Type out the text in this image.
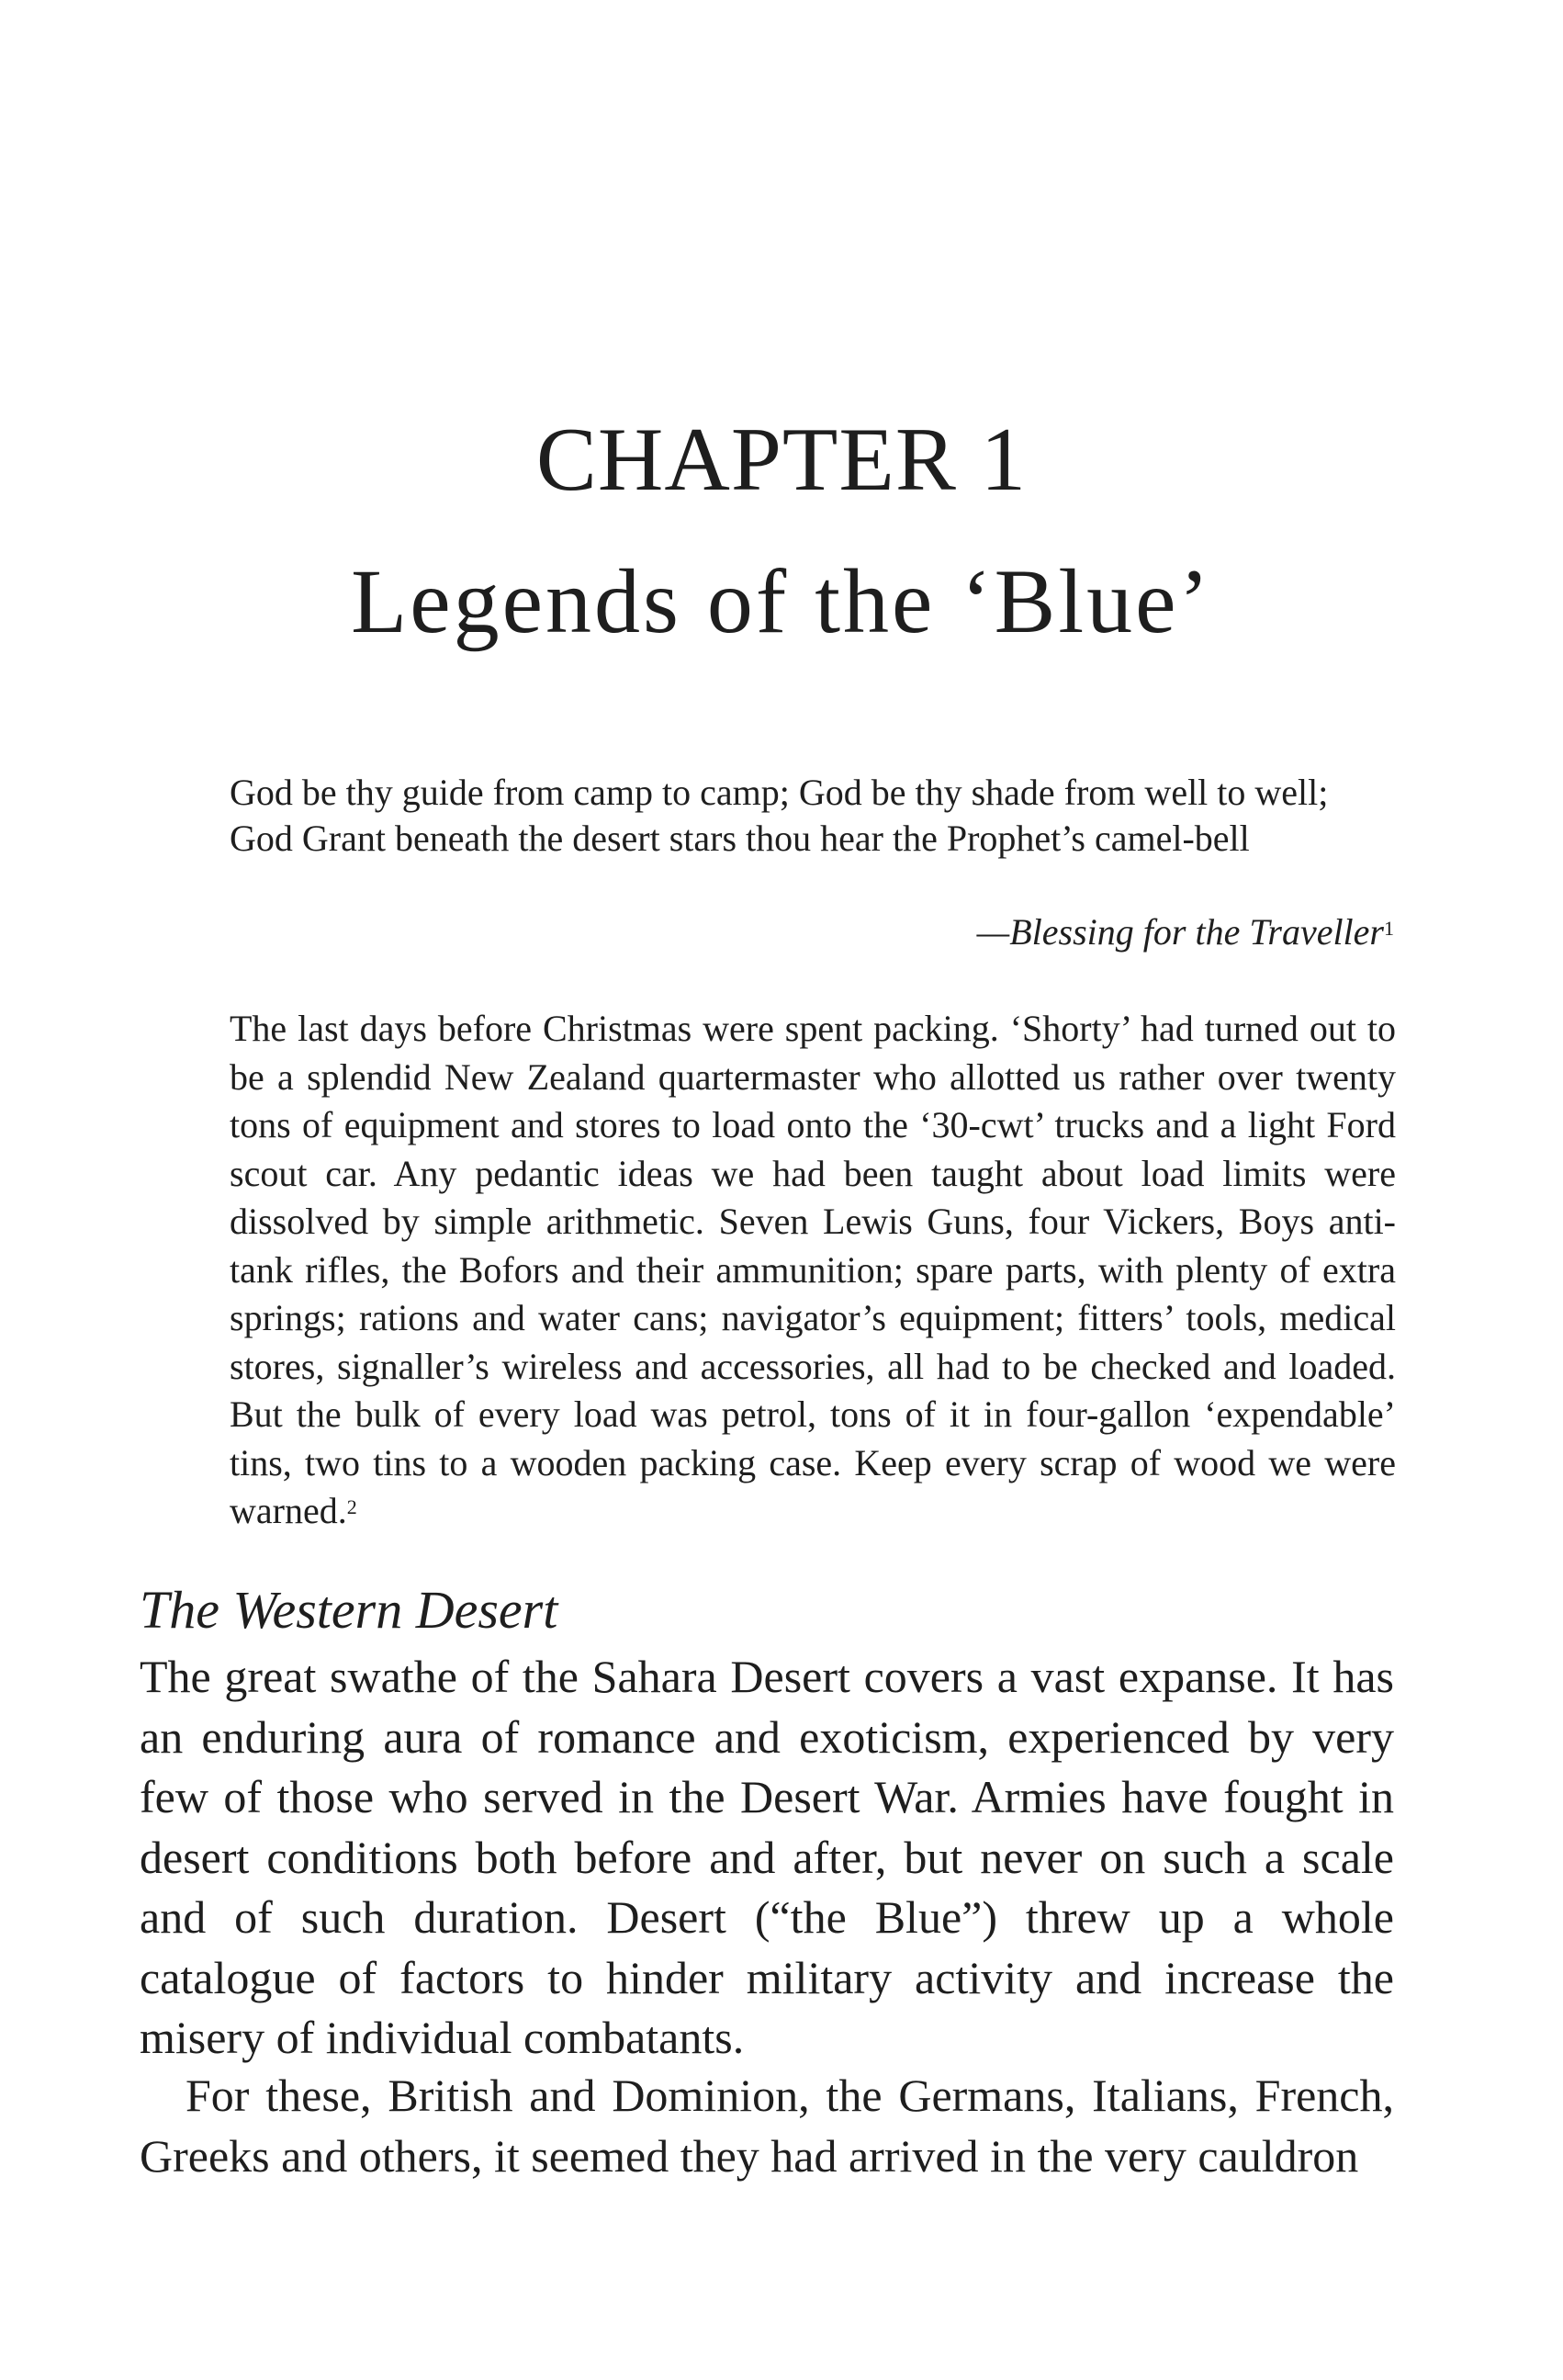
CHAPTER 1
Legends of the ‘Blue’

God be thy guide from camp to camp; God be thy shade from well to well; God Grant beneath the desert stars thou hear the Prophet’s camel-bell

—Blessing for the Traveller$^1$

The last days before Christmas were spent packing. ‘Shorty’ had turned out to be a splendid New Zealand quartermaster who allotted us rather over twenty tons of equipment and stores to load onto the ‘30-cwt’ trucks and a light Ford scout car. Any pedantic ideas we had been taught about load limits were dissolved by simple arithmetic. Seven Lewis Guns, four Vickers, Boys anti-tank rifles, the Bofors and their ammunition; spare parts, with plenty of extra springs; rations and water cans; navigator’s equipment; fitters’ tools, medical stores, signaller’s wireless and accessories, all had to be checked and loaded. But the bulk of every load was petrol, tons of it in four-gallon ‘expendable’ tins, two tins to a wooden packing case. Keep every scrap of wood we were warned.$^2$

The Western Desert

The great swathe of the Sahara Desert covers a vast expanse. It has an enduring aura of romance and exoticism, experienced by very few of those who served in the Desert War. Armies have fought in desert conditions both before and after, but never on such a scale and of such duration. Desert (“the Blue”) threw up a whole catalogue of factors to hinder military activity and increase the misery of individual combatants.

For these, British and Dominion, the Germans, Italians, French, Greeks and others, it seemed they had arrived in the very cauldron
